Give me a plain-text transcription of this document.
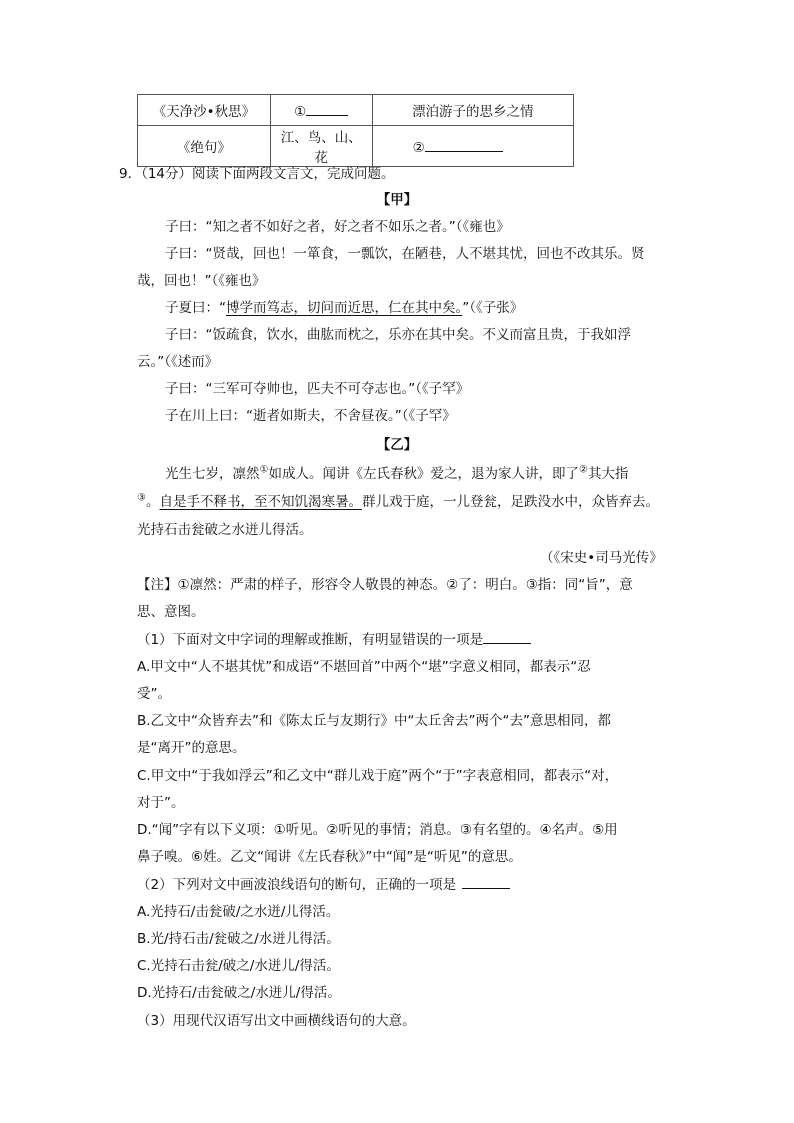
《天净沙•秋思》	①	漂泊游子的思乡之情
《绝句》	江、鸟、山、花	②
9．（14分）阅读下面两段文言文，完成问题。
【甲】
子曰：“知之者不如好之者，好之者不如乐之者。”（《雍也》
子曰：“贤哉，回也！一箪食，一瓢饮，在陋巷，人不堪其忧，回也不改其乐。贤
哉，回也！”（《雍也》
子夏曰：“博学而笃志，切问而近思，仁在其中矣。”（《子张》
子曰：“饭疏食，饮水，曲肱而枕之，乐亦在其中矣。不义而富且贵，于我如浮
云。”（《述而》
子曰：“三军可夺帅也，匹夫不可夺志也。”（《子罕》
子在川上曰：“逝者如斯夫，不舍昼夜。”（《子罕》
【乙】
光生七岁，凛然①如成人。闻讲《左氏春秋》爱之，退为家人讲，即了②其大指
③。自是手不释书，至不知饥渴寒暑。群儿戏于庭，一儿登瓮，足跌没水中，众皆弃去。
光持石击瓮破之水迸儿得活。
（《宋史•司马光传》
【注】①凛然：严肃的样子，形容令人敬畏的神态。②了：明白。③指：同“旨”，意
思、意图。
（1）下面对文中字词的理解或推断，有明显错误的一项是
A.甲文中“人不堪其忧”和成语“不堪回首”中两个“堪”字意义相同，都表示“忍
受”。
B.乙文中“众皆弃去”和《陈太丘与友期行》中“太丘舍去”两个“去”意思相同，都
是“离开”的意思。
C.甲文中“于我如浮云”和乙文中“群儿戏于庭”两个“于”字表意相同，都表示“对，
对于”。
D.“闻”字有以下义项：①听见。②听见的事情；消息。③有名望的。④名声。⑤用
鼻子嗅。⑥姓。乙文“闻讲《左氏春秋》”中“闻”是“听见”的意思。
（2）下列对文中画波浪线语句的断句，正确的一项是
A.光持石/击瓮破/之水迸/儿得活。
B.光/持石击/瓮破之/水迸儿得活。
C.光持石击瓮/破之/水迸儿/得活。
D.光持石/击瓮破之/水迸儿/得活。
（3）用现代汉语写出文中画横线语句的大意。
